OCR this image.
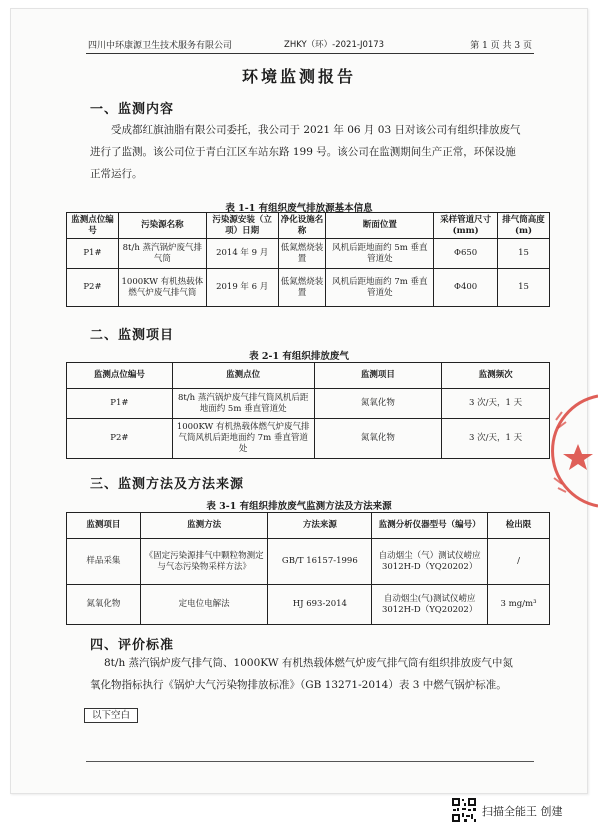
四川中环康源卫生技术服务有限公司	ZHKY（环）-2021-J0173	第 1 页 共 3 页
环境监测报告
一、监测内容
受成都红旗油脂有限公司委托，我公司于 2021 年 06 月 03 日对该公司有组织排放废气
进行了监测。该公司位于青白江区车站东路 199 号。该公司在监测期间生产正常，环保设施
正常运行。
表 1-1 有组织废气排放源基本信息
监测点位编号	污染源名称	污染源安装（立项）日期	净化设施名称	断面位置	采样管道尺寸(mm)	排气筒高度(m)
P1#	8t/h 蒸汽锅炉废气排气筒	2014 年 9 月	低氮燃烧装置	风机后距地面约 5m 垂直管道处	Φ650	15
P2#	1000KW 有机热载体燃气炉废气排气筒	2019 年 6 月	低氮燃烧装置	风机后距地面约 7m 垂直管道处	Φ400	15
二、监测项目
表 2-1 有组织排放废气
监测点位编号	监测点位	监测项目	监测频次
P1#	8t/h 蒸汽锅炉废气排气筒风机后距地面约 5m 垂直管道处	氮氧化物	3 次/天，1 天
P2#	1000KW 有机热载体燃气炉废气排气筒风机后距地面约 7m 垂直管道处	氮氧化物	3 次/天，1 天
三、监测方法及方法来源
表 3-1 有组织排放废气监测方法及方法来源
监测项目	监测方法	方法来源	监测分析仪器型号（编号）	检出限
样品采集	《固定污染源排气中颗粒物测定与气态污染物采样方法》	GB/T 16157-1996	自动烟尘（气）测试仪崂应 3012H-D（YQ20202）	/
氮氧化物	定电位电解法	HJ 693-2014	自动烟尘(气)测试仪崂应 3012H-D（YQ20202）	3 mg/m³
四、评价标准
8t/h 蒸汽锅炉废气排气筒、1000KW 有机热载体燃气炉废气排气筒有组织排放废气中氮
氧化物指标执行《锅炉大气污染物排放标准》（GB 13271-2014）表 3 中燃气锅炉标准。
以下空白
扫描全能王 创建
